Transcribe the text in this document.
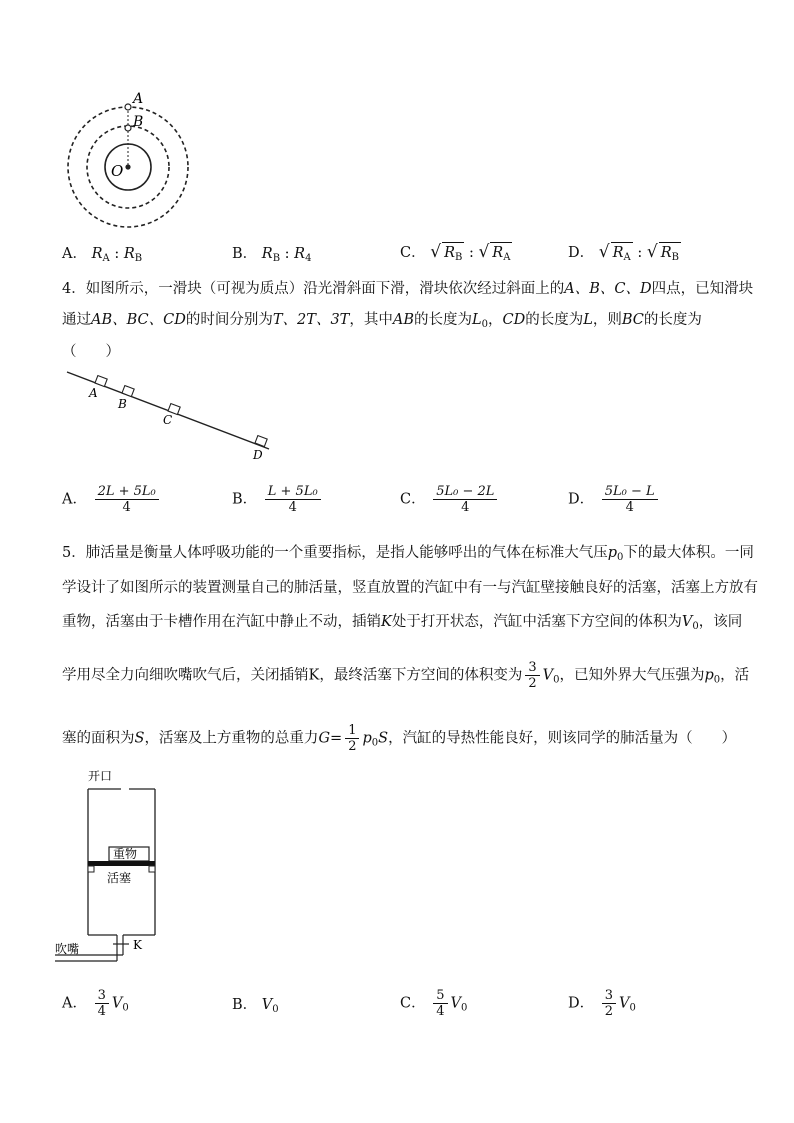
A
B
O
A． $R_A$ : $R_B$	B． $R_B$ : $R_4$	C． √ $R_B$ : √ $R_A$	D． √ $R_A$ : √ $R_B$
4．如图所示，一滑块（可视为质点）沿光滑斜面下滑，滑块依次经过斜面上的A、B、C、D四点，已知滑块
通过AB、BC、CD的时间分别为T、2T、3T，其中AB的长度为$L_0$，CD的长度为L，则BC的长度为
（　　）
A
B
C
D
A． $\frac{\text{2L + 5L₀}}{4}$	B． $\frac{\text{L + 5L₀}}{4}$	C． $\frac{\text{5L₀ − 2L}}{4}$	D． $\frac{\text{5L₀ − L}}{4}$
5．肺活量是衡量人体呼吸功能的一个重要指标，是指人能够呼出的气体在标准大气压$p_0$下的最大体积。一同
学设计了如图所示的装置测量自己的肺活量，竖直放置的汽缸中有一与汽缸壁接触良好的活塞，活塞上方放有
重物，活塞由于卡槽作用在汽缸中静止不动，插销K处于打开状态，汽缸中活塞下方空间的体积为$V_0$，该同
学用尽全力向细吹嘴吹气后，关闭插销K，最终活塞下方空间的体积变为 $\frac{3}{2} V_0$，已知外界大气压强为$p_0$，活
塞的面积为S，活塞及上方重物的总重力$G= \frac{1}{2} p_0S$，汽缸的导热性能良好，则该同学的肺活量为（　　）
开口
重物
活塞
吹嘴	K
A． $\frac{3}{4} V_0$	B． $V_0$	C． $\frac{5}{4} V_0$	D． $\frac{3}{2} V_0$
